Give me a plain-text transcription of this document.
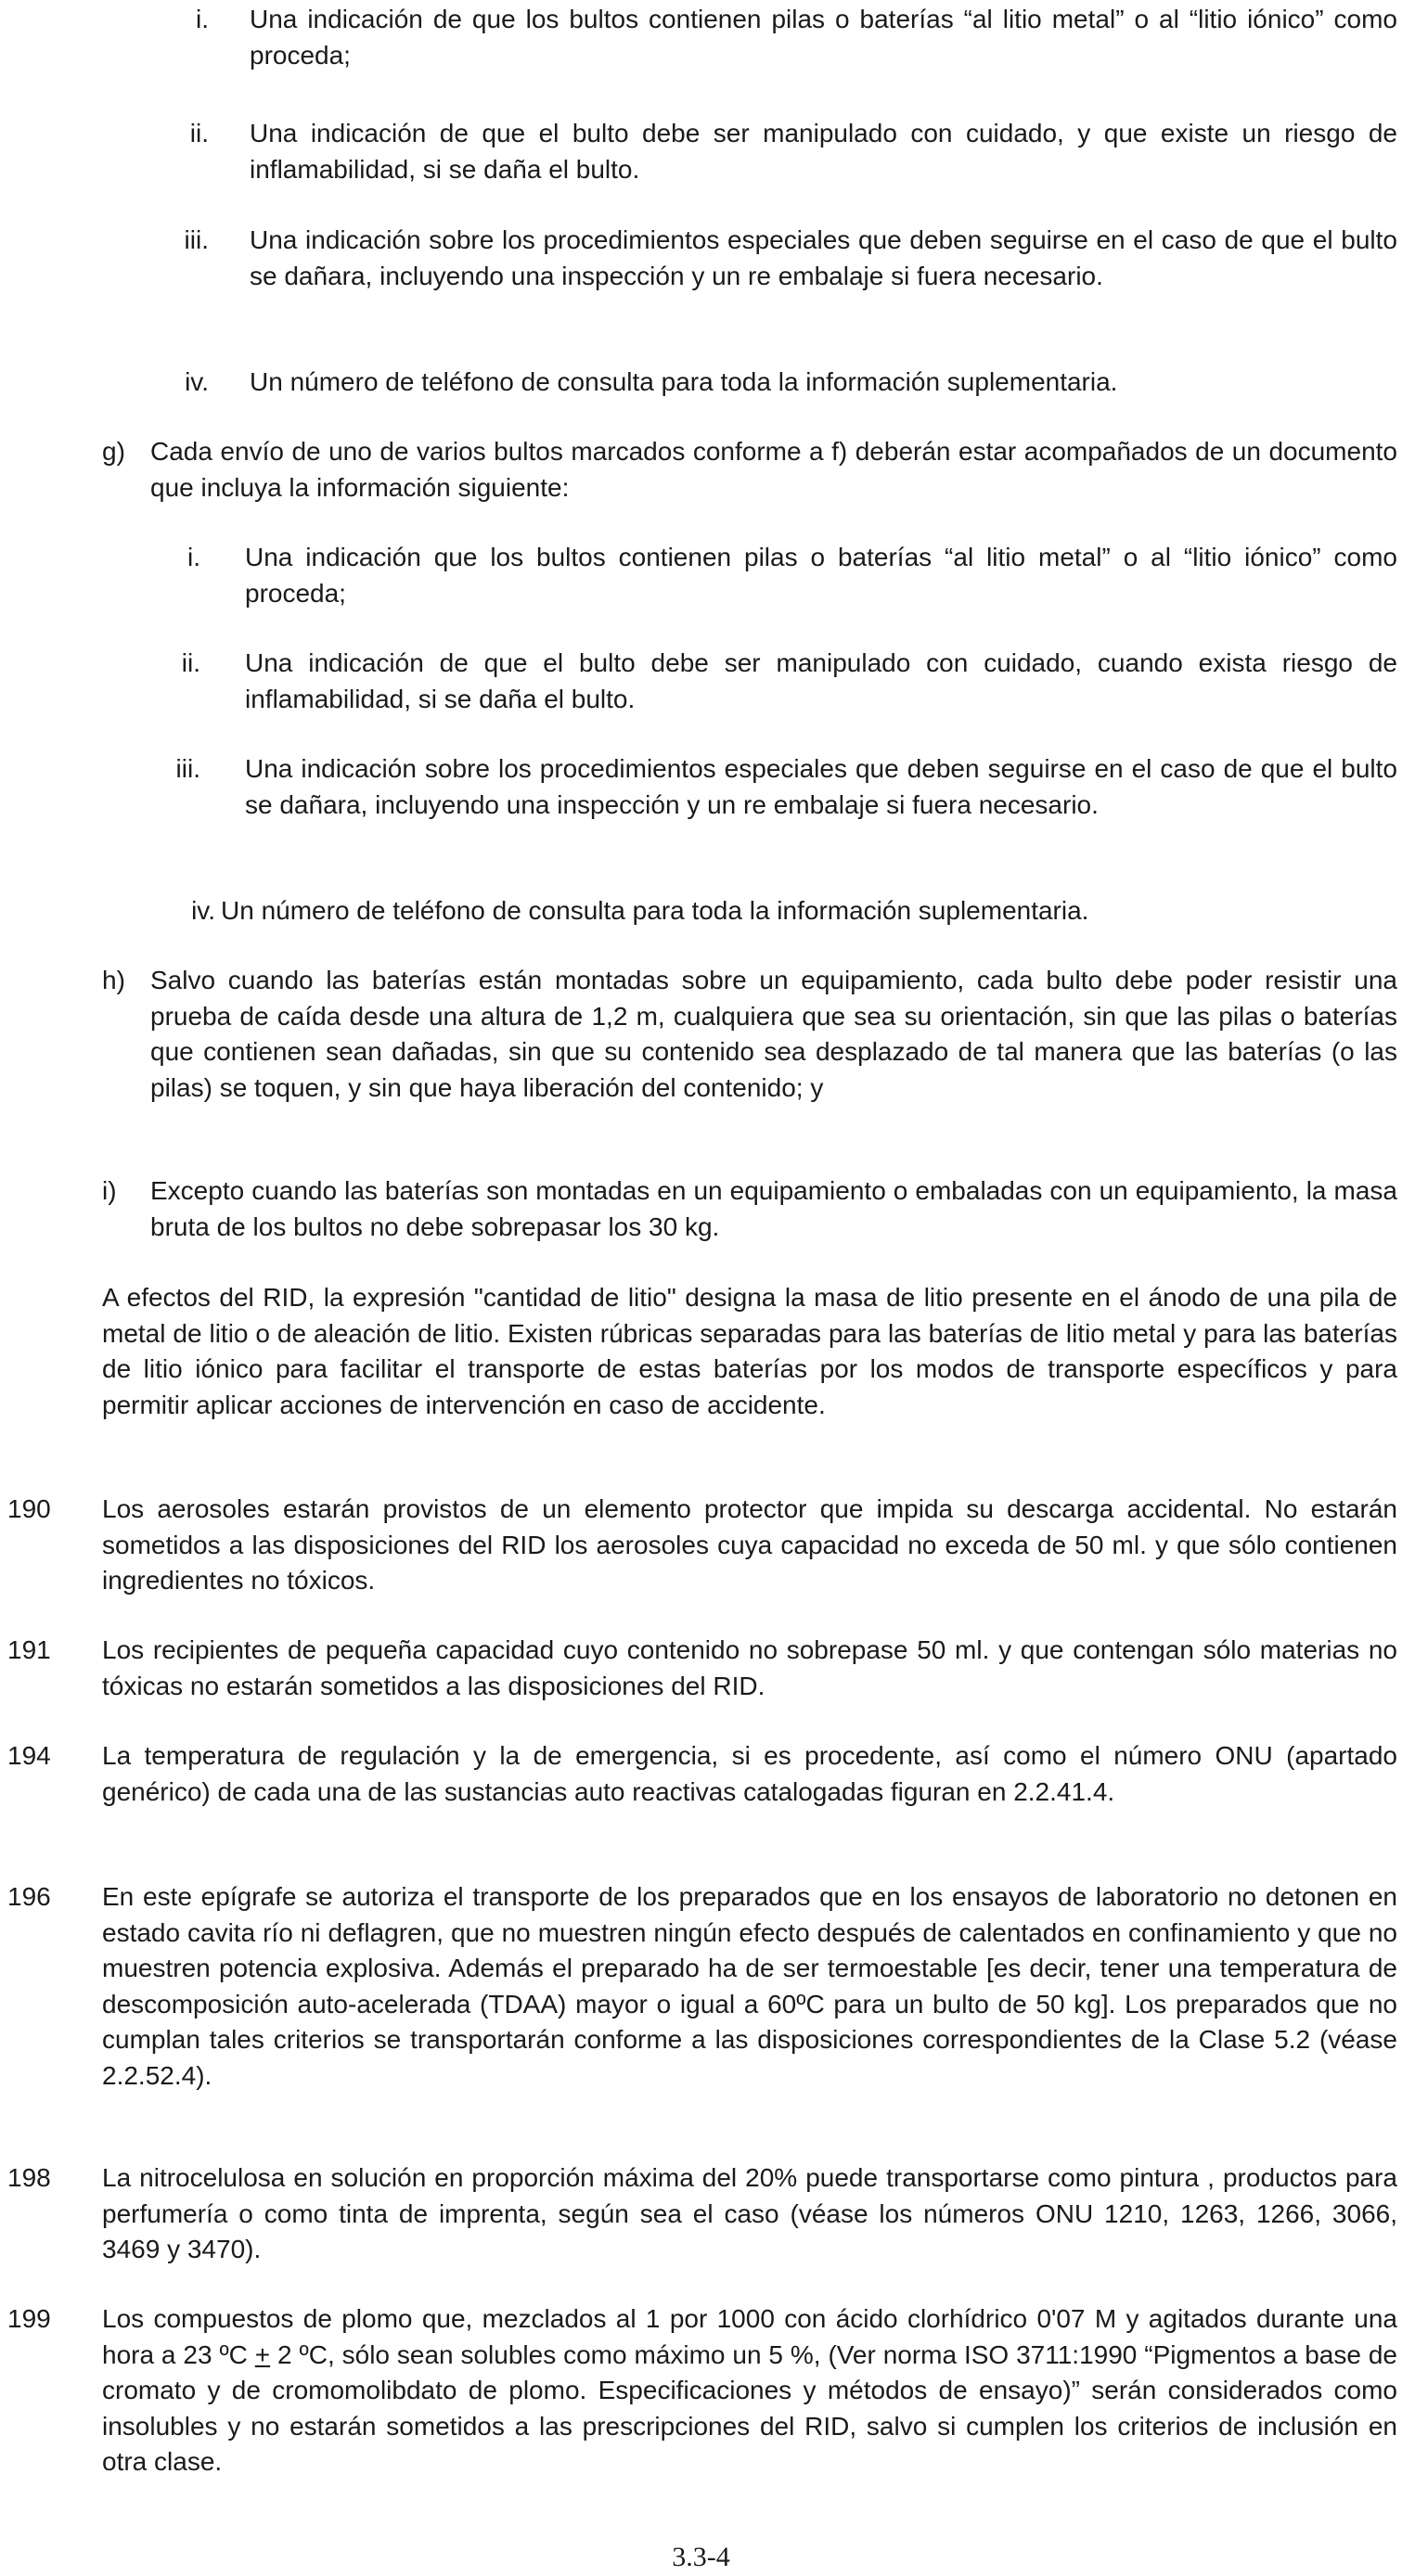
i. Una indicación de que los bultos contienen pilas o baterías “al litio metal” o al “litio iónico” como proceda;

ii. Una indicación de que el bulto debe ser manipulado con cuidado, y que existe un riesgo de inflamabilidad, si se daña el bulto.

iii. Una indicación sobre los procedimientos especiales que deben seguirse en el caso de que el bulto se dañara, incluyendo una inspección y un re embalaje si fuera necesario.

iv. Un número de teléfono de consulta para toda la información suplementaria.

g) Cada envío de uno de varios bultos marcados conforme a f) deberán estar acompañados de un documento que incluya la información siguiente:

i. Una indicación que los bultos contienen pilas o baterías “al litio metal” o al “litio iónico” como proceda;

ii. Una indicación de que el bulto debe ser manipulado con cuidado, cuando exista riesgo de inflamabilidad, si se daña el bulto.

iii. Una indicación sobre los procedimientos especiales que deben seguirse en el caso de que el bulto se dañara, incluyendo una inspección y un re embalaje si fuera necesario.

iv. Un número de teléfono de consulta para toda la información suplementaria.

h) Salvo cuando las baterías están montadas sobre un equipamiento, cada bulto debe poder resistir una prueba de caída desde una altura de 1,2 m, cualquiera que sea su orientación, sin que las pilas o baterías que contienen sean dañadas, sin que su contenido sea desplazado de tal manera que las baterías (o las pilas) se toquen, y sin que haya liberación del contenido; y

i) Excepto cuando las baterías son montadas en un equipamiento o embaladas con un equipamiento, la masa bruta de los bultos no debe sobrepasar los 30 kg.

A efectos del RID, la expresión "cantidad de litio" designa la masa de litio presente en el ánodo de una pila de metal de litio o de aleación de litio. Existen rúbricas separadas para las baterías de litio metal y para las baterías de litio iónico para facilitar el transporte de estas baterías por los modos de transporte específicos y para permitir aplicar acciones de intervención en caso de accidente.

190 Los aerosoles estarán provistos de un elemento protector que impida su descarga accidental. No estarán sometidos a las disposiciones del RID los aerosoles cuya capacidad no exceda de 50 ml. y que sólo contienen ingredientes no tóxicos.

191 Los recipientes de pequeña capacidad cuyo contenido no sobrepase 50 ml. y que contengan sólo materias no tóxicas no estarán sometidos a las disposiciones del RID.

194 La temperatura de regulación y la de emergencia, si es procedente, así como el número ONU (apartado genérico) de cada una de las sustancias auto reactivas catalogadas figuran en 2.2.41.4.

196 En este epígrafe se autoriza el transporte de los preparados que en los ensayos de laboratorio no detonen en estado cavita río ni deflagren, que no muestren ningún efecto después de calentados en confinamiento y que no muestren potencia explosiva. Además el preparado ha de ser termoestable [es decir, tener una temperatura de descomposición auto-acelerada (TDAA) mayor o igual a 60ºC para un bulto de 50 kg]. Los preparados que no cumplan tales criterios se transportarán conforme a las disposiciones correspondientes de la Clase 5.2 (véase 2.2.52.4).

198 La nitrocelulosa en solución en proporción máxima del 20% puede transportarse como pintura , productos para perfumería o como tinta de imprenta, según sea el caso (véase los números ONU 1210, 1263, 1266, 3066, 3469 y 3470).

199 Los compuestos de plomo que, mezclados al 1 por 1000 con ácido clorhídrico 0'07 M y agitados durante una hora a 23 ºC + 2 ºC, sólo sean solubles como máximo un 5 %, (Ver norma ISO 3711:1990 “Pigmentos a base de cromato y de cromomolibdato de plomo. Especificaciones y métodos de ensayo)” serán considerados como insolubles y no estarán sometidos a las prescripciones del RID, salvo si cumplen los criterios de inclusión en otra clase.

3.3-4
